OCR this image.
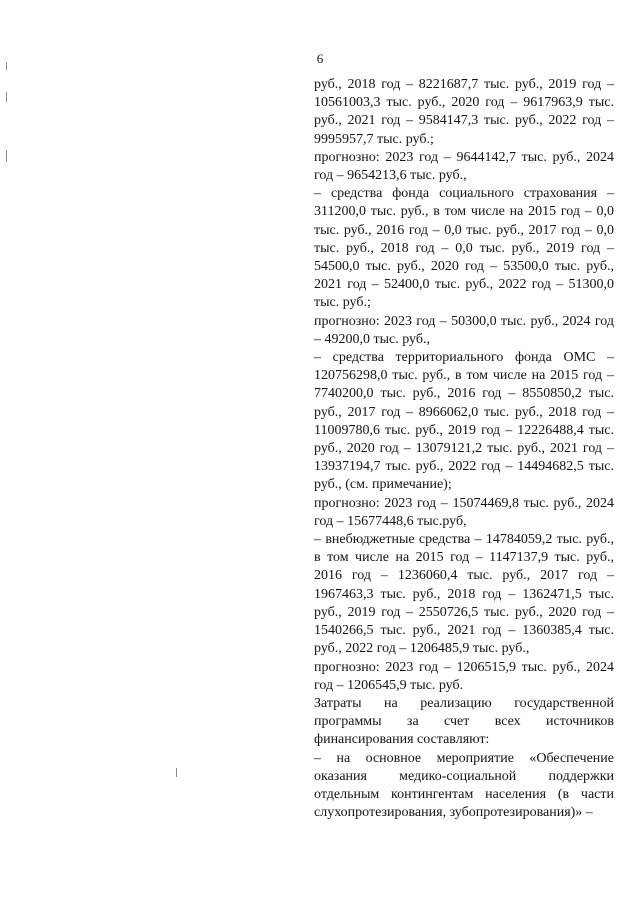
6

руб., 2018 год – 8221687,7 тыс. руб., 2019 год – 10561003,3 тыс. руб., 2020 год – 9617963,9 тыс. руб., 2021 год – 9584147,3 тыс. руб., 2022 год – 9995957,7 тыс. руб.;

прогнозно: 2023 год – 9644142,7 тыс. руб., 2024 год – 9654213,6 тыс. руб.,

– средства фонда социального страхования – 311200,0 тыс. руб., в том числе на 2015 год – 0,0 тыс. руб., 2016 год – 0,0 тыс. руб., 2017 год – 0,0 тыс. руб., 2018 год – 0,0 тыс. руб., 2019 год – 54500,0 тыс. руб., 2020 год – 53500,0 тыс. руб., 2021 год – 52400,0 тыс. руб., 2022 год – 51300,0 тыс. руб.;

прогнозно: 2023 год – 50300,0 тыс. руб., 2024 год – 49200,0 тыс. руб.,

– средства территориального фонда ОМС – 120756298,0 тыс. руб., в том числе на 2015 год – 7740200,0 тыс. руб., 2016 год – 8550850,2 тыс. руб., 2017 год – 8966062,0 тыс. руб., 2018 год – 11009780,6 тыс. руб., 2019 год – 12226488,4 тыс. руб., 2020 год – 13079121,2 тыс. руб., 2021 год – 13937194,7 тыс. руб., 2022 год – 14494682,5 тыс. руб., (см. примечание);

прогнозно: 2023 год – 15074469,8 тыс. руб., 2024 год – 15677448,6 тыс.руб,

– внебюджетные средства – 14784059,2 тыс. руб., в том числе на 2015 год – 1147137,9 тыс. руб., 2016 год – 1236060,4 тыс. руб., 2017 год – 1967463,3 тыс. руб., 2018 год – 1362471,5 тыс. руб., 2019 год – 2550726,5 тыс. руб., 2020 год – 1540266,5 тыс. руб., 2021 год – 1360385,4 тыс. руб., 2022 год – 1206485,9 тыс. руб.,

прогнозно: 2023 год – 1206515,9 тыс. руб., 2024 год – 1206545,9 тыс. руб.

Затраты на реализацию государственной программы за счет всех источников финансирования составляют:

– на основное мероприятие «Обеспечение оказания медико-социальной поддержки отдельным контингентам населения (в части слухопротезирования, зубопротезирования)» –
